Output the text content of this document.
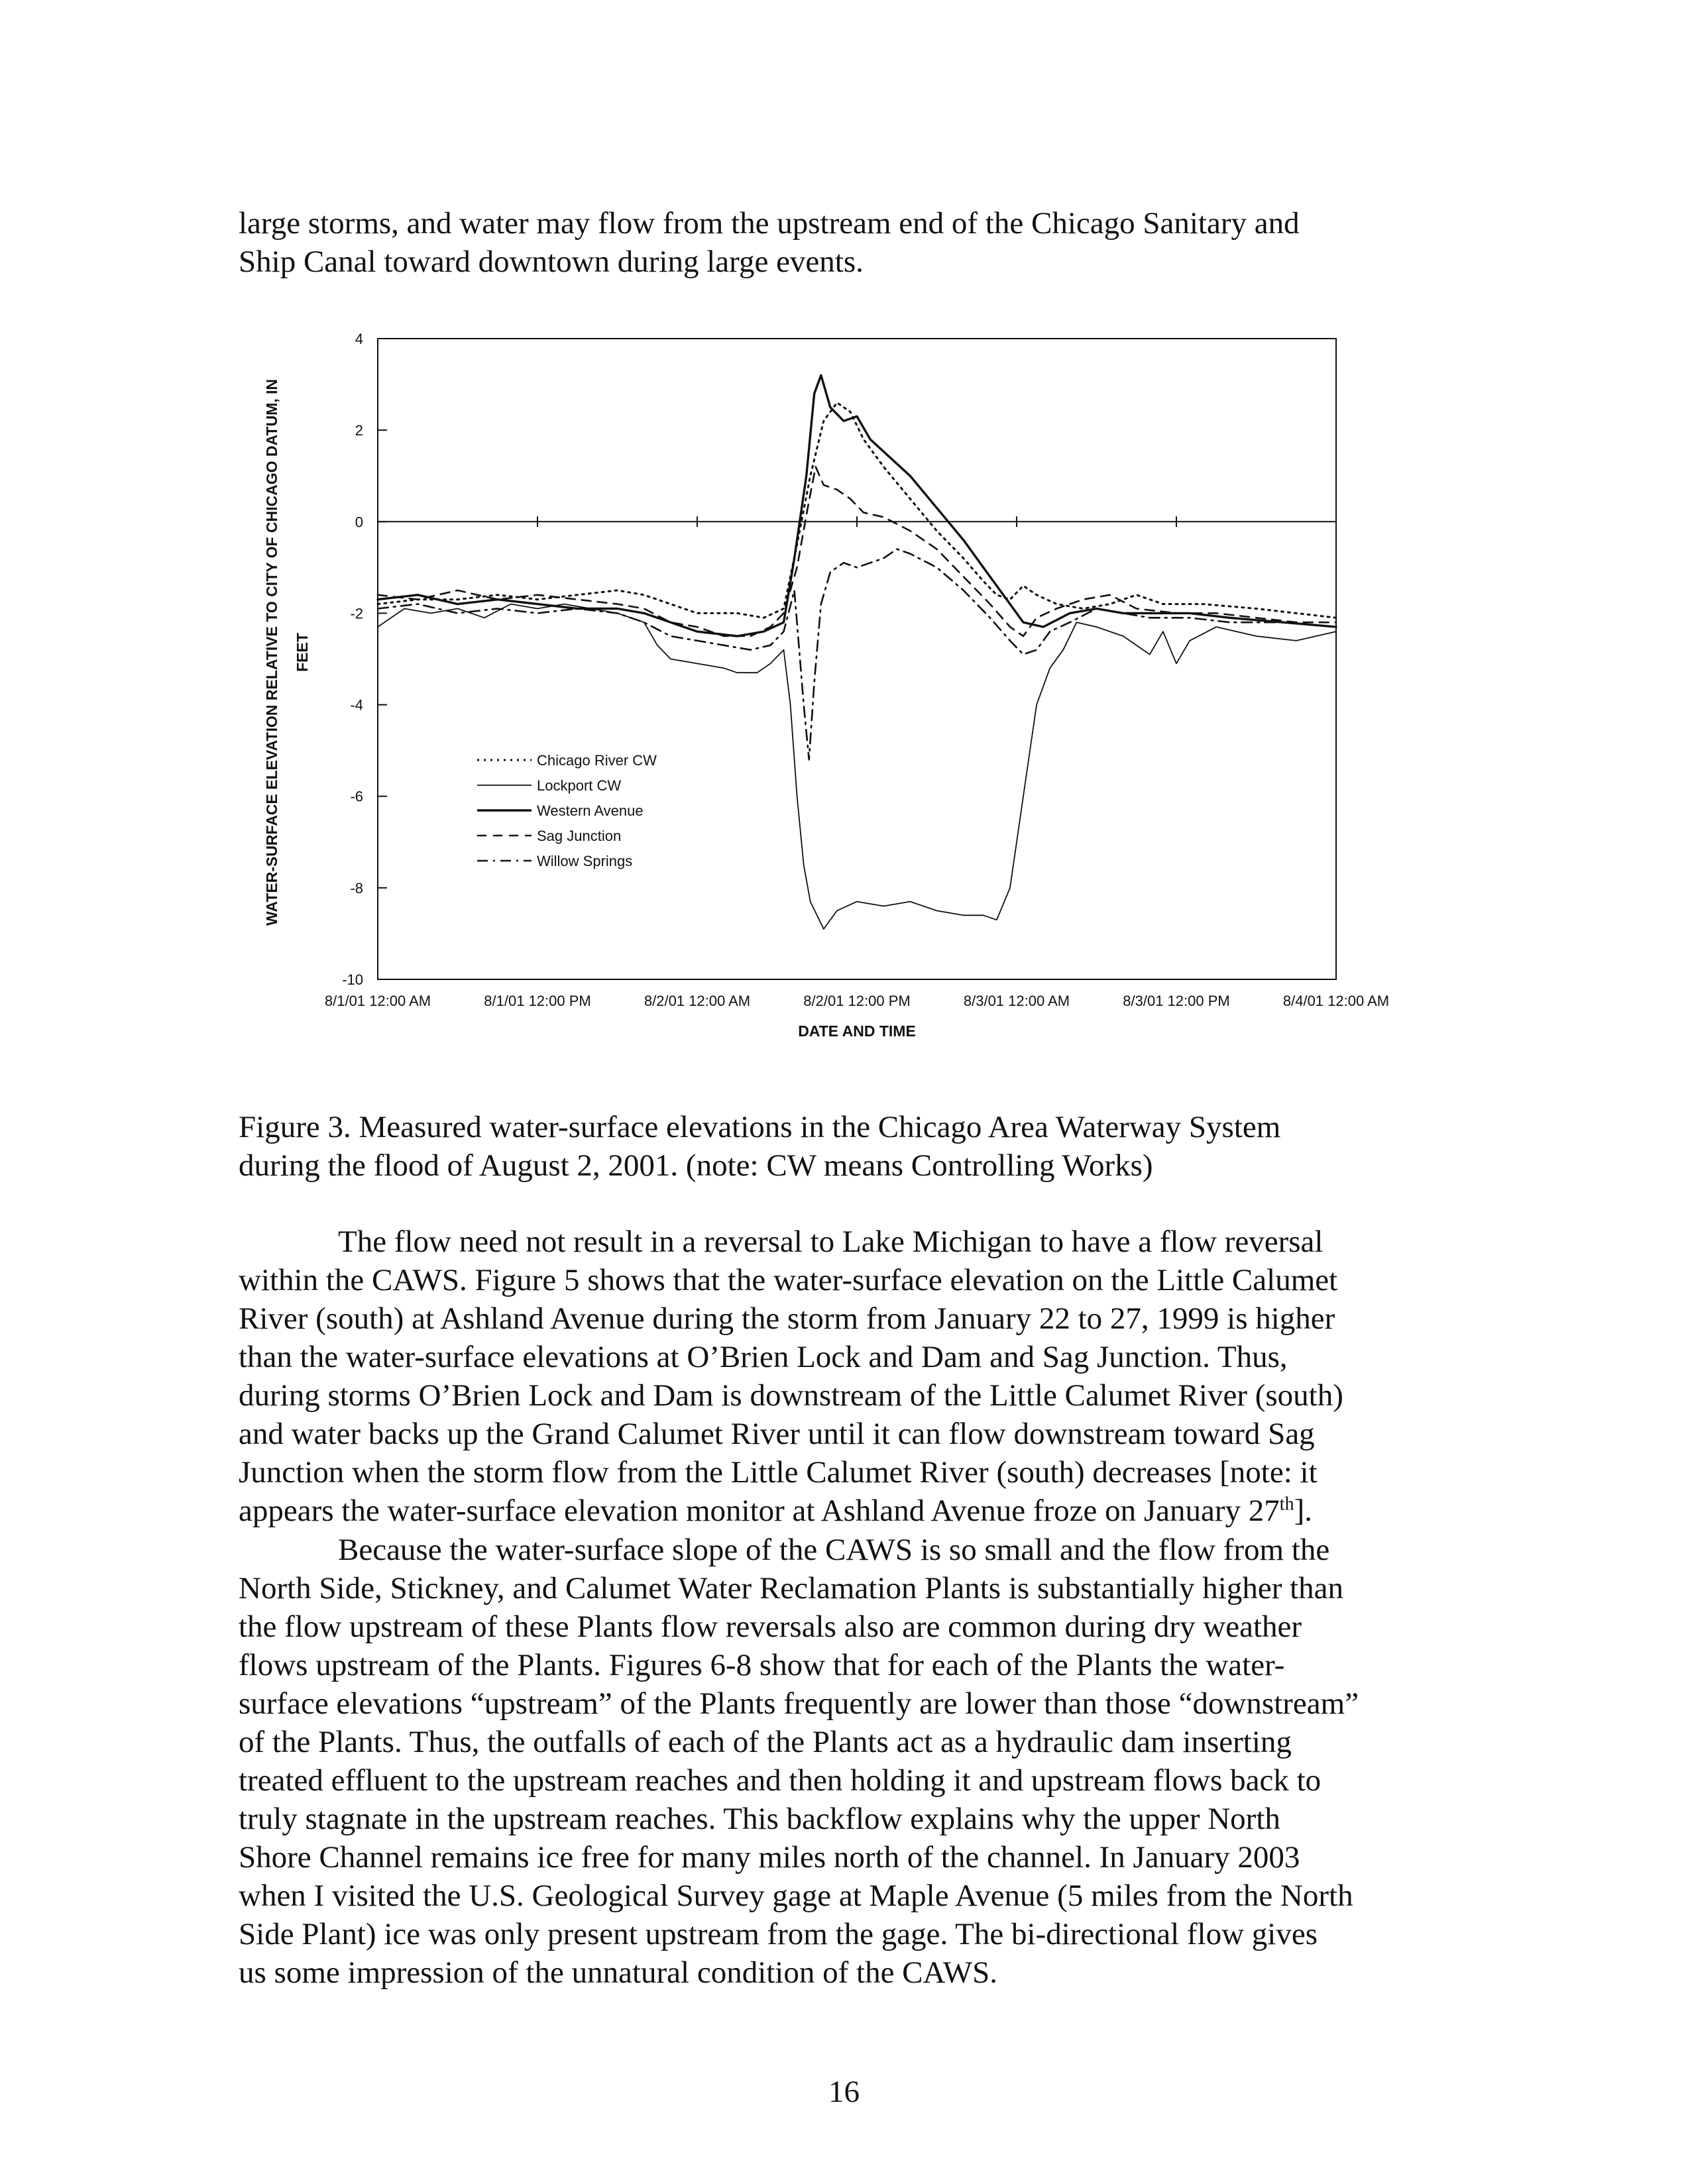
large storms, and water may flow from the upstream end of the Chicago Sanitary and
Ship Canal toward downtown during large events.
8/1/01 12:00 AM	8/1/01 12:00 PM	8/2/01 12:00 AM	8/2/01 12:00 PM	8/3/01 12:00 AM	8/3/01 12:00 PM	8/4/01 12:00 AM
4
2
0
-2
-4
-6
-8
-10
Chicago River CW
Lockport CW
Western Avenue
Sag Junction
Willow Springs
DATE AND TIME
WATER-SURFACE ELEVATION RELATIVE TO CITY OF CHICAGO DATUM, IN FEET
Figure 3. Measured water-surface elevations in the Chicago Area Waterway System
during the flood of August 2, 2001. (note: CW means Controlling Works)
The flow need not result in a reversal to Lake Michigan to have a flow reversal
within the CAWS. Figure 5 shows that the water-surface elevation on the Little Calumet
River (south) at Ashland Avenue during the storm from January 22 to 27, 1999 is higher
than the water-surface elevations at O’Brien Lock and Dam and Sag Junction. Thus,
during storms O’Brien Lock and Dam is downstream of the Little Calumet River (south)
and water backs up the Grand Calumet River until it can flow downstream toward Sag
Junction when the storm flow from the Little Calumet River (south) decreases [note: it
appears the water-surface elevation monitor at Ashland Avenue froze on January 27th].
Because the water-surface slope of the CAWS is so small and the flow from the
North Side, Stickney, and Calumet Water Reclamation Plants is substantially higher than
the flow upstream of these Plants flow reversals also are common during dry weather
flows upstream of the Plants. Figures 6-8 show that for each of the Plants the water-
surface elevations “upstream” of the Plants frequently are lower than those “downstream”
of the Plants. Thus, the outfalls of each of the Plants act as a hydraulic dam inserting
treated effluent to the upstream reaches and then holding it and upstream flows back to
truly stagnate in the upstream reaches. This backflow explains why the upper North
Shore Channel remains ice free for many miles north of the channel. In January 2003
when I visited the U.S. Geological Survey gage at Maple Avenue (5 miles from the North
Side Plant) ice was only present upstream from the gage. The bi-directional flow gives
us some impression of the unnatural condition of the CAWS.
16
